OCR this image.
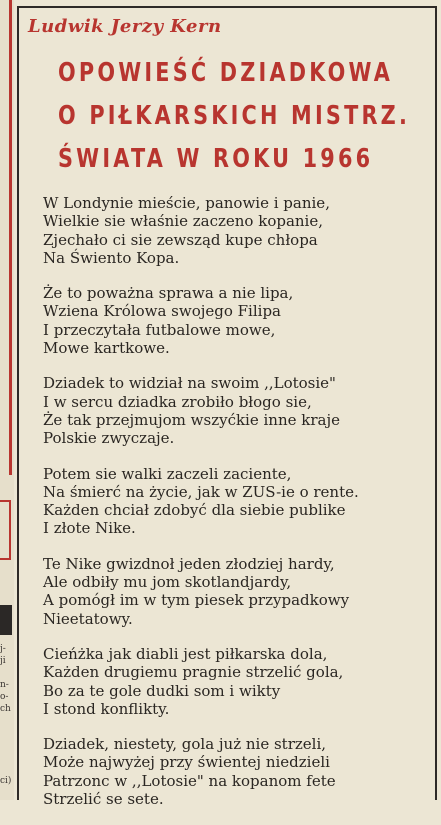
j-
ji
n-
o-
ch
ci)
Ludwik Jerzy Kern
OPOWIEŚĆ DZIADKOWA
O PIŁKARSKICH MISTRZ.
ŚWIATA W ROKU 1966
W Londynie mieście, panowie i panie,
Wielkie sie właśnie zaczeno kopanie,
Zjechało ci sie zewsząd kupe chłopa
Na Świento Kopa.
Że to poważna sprawa a nie lipa,
Wziena Królowa swojego Filipa
I przeczytała futbalowe mowe,
Mowe kartkowe.
Dziadek to widział na swoim ,,Lotosie"
I w sercu dziadka zrobiło błogo sie,
Że tak przejmujom wszyćkie inne kraje
Polskie zwyczaje.
Potem sie walki zaczeli zaciente,
Na śmierć na życie, jak w ZUS-ie o rente.
Każden chciał zdobyć dla siebie publike
I złote Nike.
Te Nike gwizdnoł jeden złodziej hardy,
Ale odbiły mu jom skotlandjardy,
A pomógł im w tym piesek przypadkowy
Nieetatowy.
Cieńżka jak diabli jest piłkarska dola,
Każden drugiemu pragnie strzelić gola,
Bo za te gole dudki som i wikty
I stond konflikty.
Dziadek, niestety, gola już nie strzeli,
Może najwyżej przy świentej niedzieli
Patrzonc w ,,Lotosie" na kopanom fete
Strzelić se sete.
